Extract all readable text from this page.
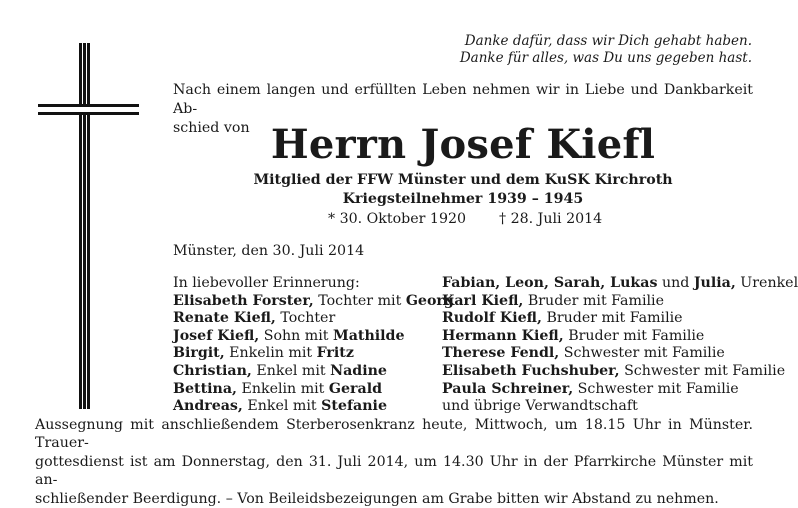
Danke dafür, dass wir Dich gehabt haben.
Danke für alles, was Du uns gegeben hast.
Nach einem langen und erfüllten Leben nehmen wir in Liebe und Dankbarkeit Ab-
schied von Herrn Josef Kiefl
Mitglied der FFW Münster und dem KuSK Kirchroth
Kriegsteilnehmer 1939 – 1945
* 30. Oktober 1920 † 28. Juli 2014
Münster, den 30. Juli 2014
In liebevoller Erinnerung:
Elisabeth Forster, Tochter mit Georg
Renate Kiefl, Tochter
Josef Kiefl, Sohn mit Mathilde
Birgit, Enkelin mit Fritz
Christian, Enkel mit Nadine
Bettina, Enkelin mit Gerald
Andreas, Enkel mit Stefanie
Fabian, Leon, Sarah, Lukas und Julia, Urenkel
Karl Kiefl, Bruder mit Familie
Rudolf Kiefl, Bruder mit Familie
Hermann Kiefl, Bruder mit Familie
Therese Fendl, Schwester mit Familie
Elisabeth Fuchshuber, Schwester mit Familie
Paula Schreiner, Schwester mit Familie
und übrige Verwandtschaft
Aussegnung mit anschließendem Sterberosenkranz heute, Mittwoch, um 18.15 Uhr in Münster. Trauer-
gottesdienst ist am Donnerstag, den 31. Juli 2014, um 14.30 Uhr in der Pfarrkirche Münster mit an-
schließender Beerdigung. – Von Beileidsbezeigungen am Grabe bitten wir Abstand zu nehmen.
